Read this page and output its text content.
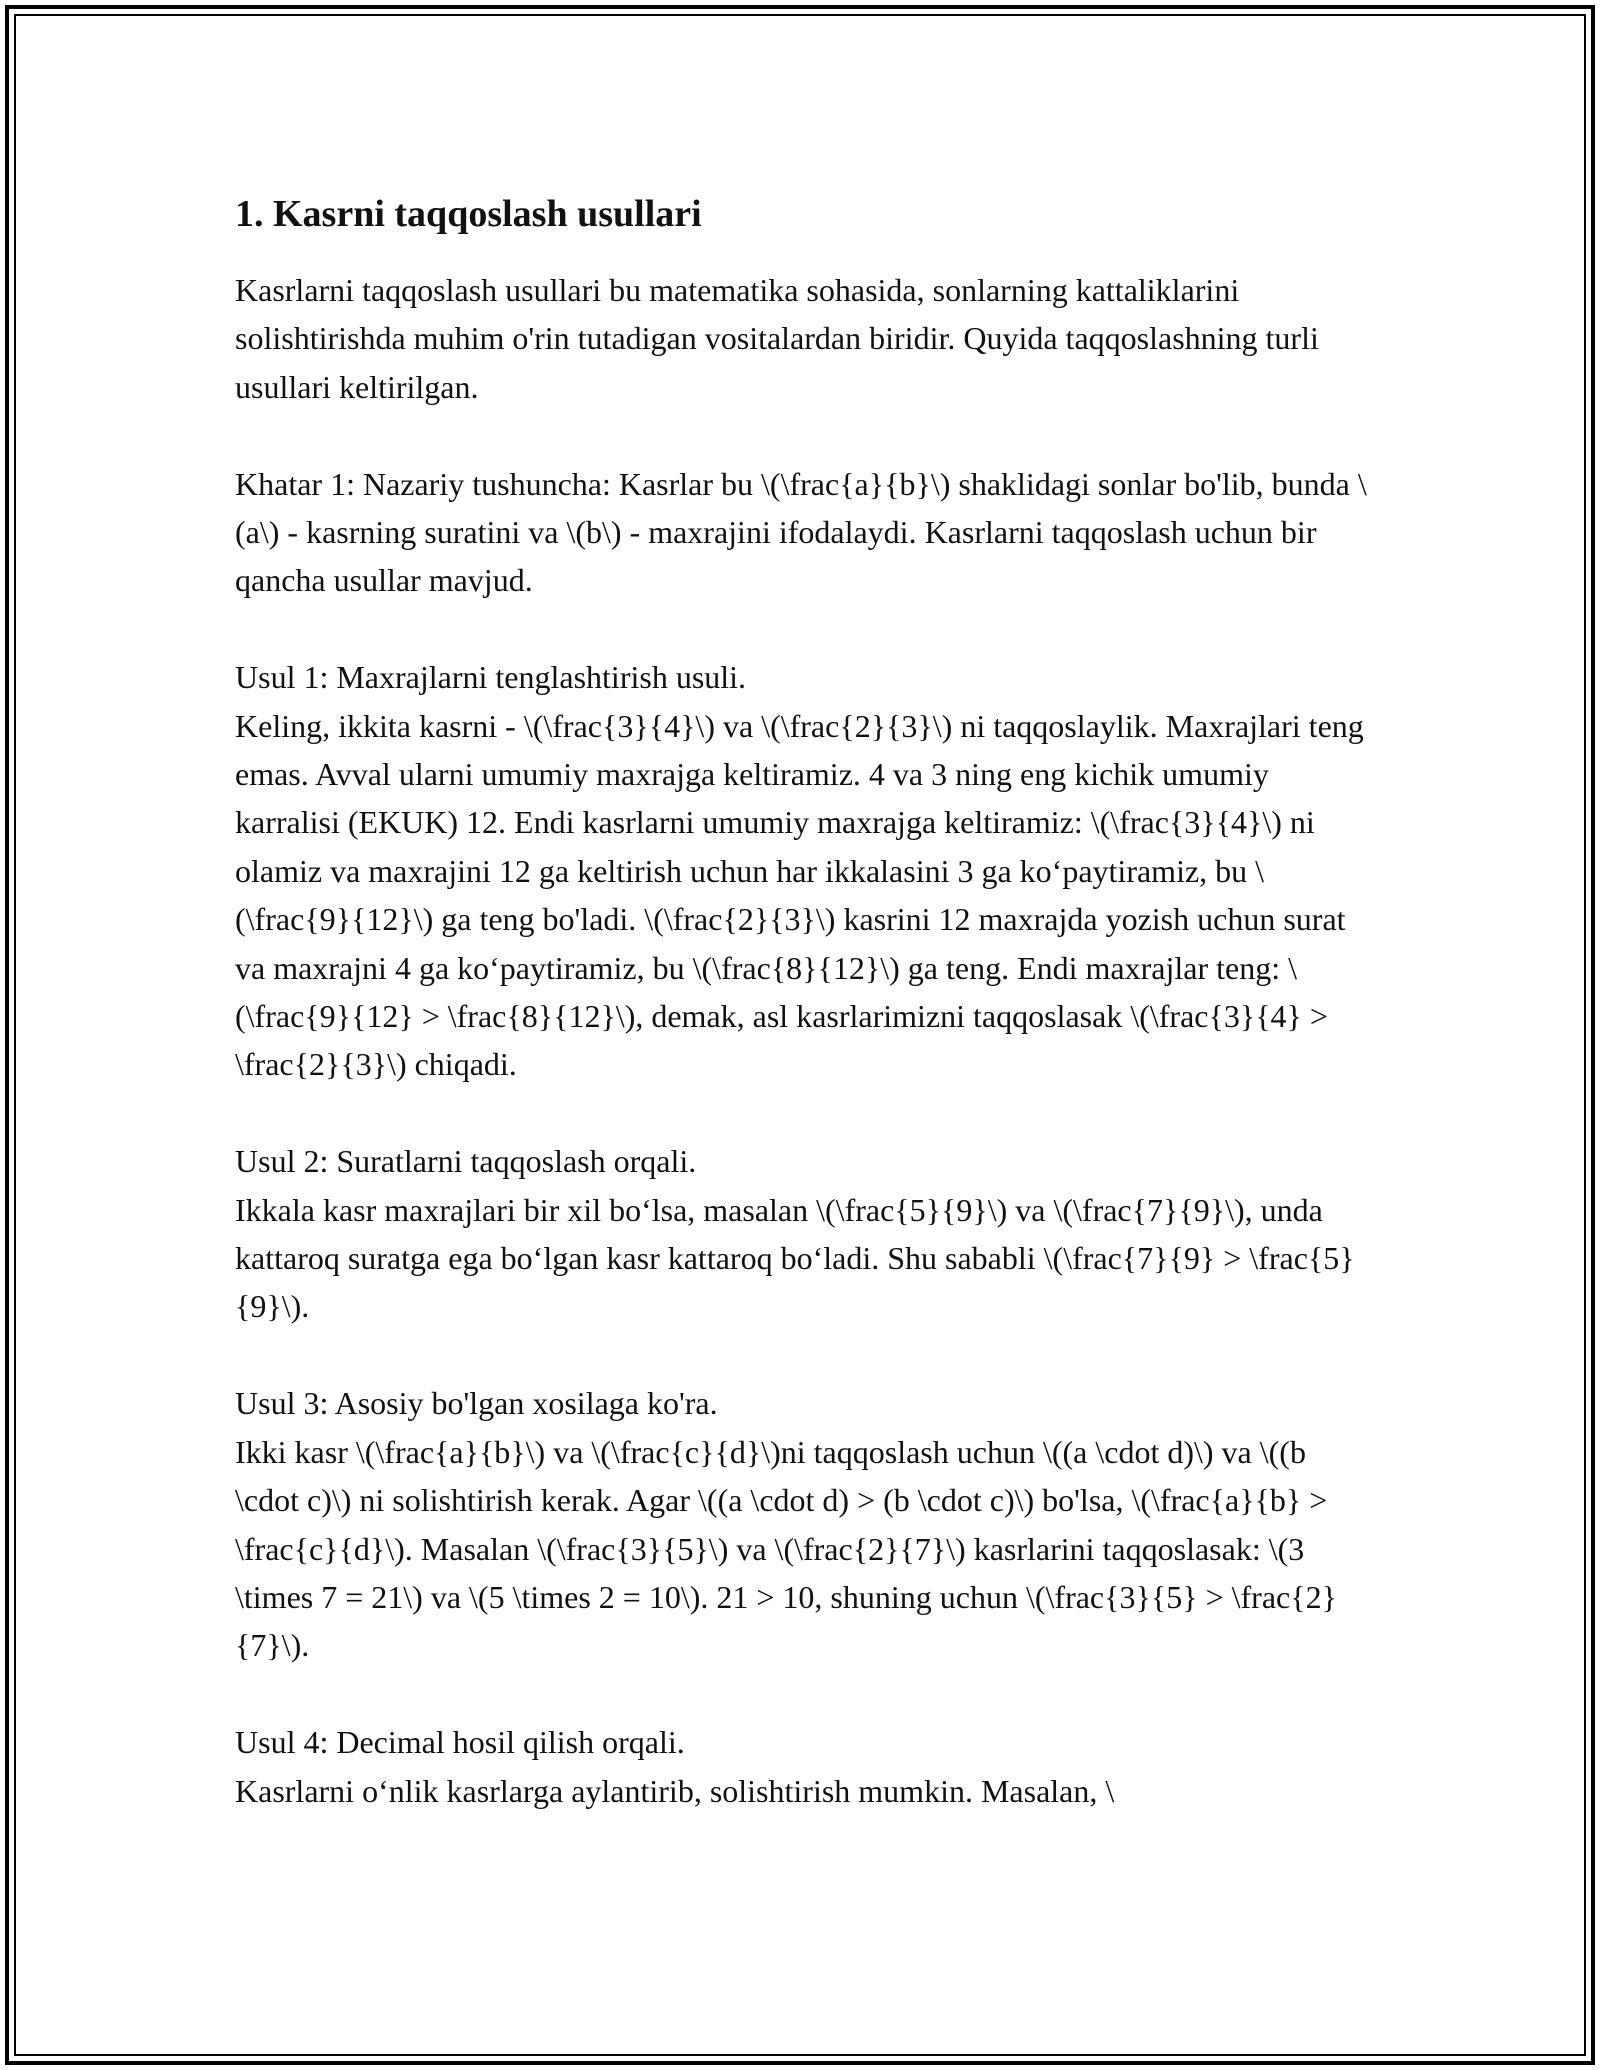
1. Kasrni taqqoslash usullari

Kasrlarni taqqoslash usullari bu matematika sohasida, sonlarning kattaliklarini solishtirishda muhim o'rin tutadigan vositalardan biridir. Quyida taqqoslashning turli usullari keltirilgan.

Khatar 1: Nazariy tushuncha: Kasrlar bu \(\frac{a}{b}\) shaklidagi sonlar bo'lib, bunda \(a\) - kasrning suratini va \(b\) - maxrajini ifodalaydi. Kasrlarni taqqoslash uchun bir qancha usullar mavjud.

Usul 1: Maxrajlarni tenglashtirish usuli.
Keling, ikkita kasrni - \(\frac{3}{4}\) va \(\frac{2}{3}\) ni taqqoslaylik. Maxrajlari teng emas. Avval ularni umumiy maxrajga keltiramiz. 4 va 3 ning eng kichik umumiy karralisi (EKUK) 12. Endi kasrlarni umumiy maxrajga keltiramiz: \(\frac{3}{4}\) ni olamiz va maxrajini 12 ga keltirish uchun har ikkalasini 3 ga ko‘paytiramiz, bu \(\frac{9}{12}\) ga teng bo'ladi. \(\frac{2}{3}\) kasrini 12 maxrajda yozish uchun surat va maxrajni 4 ga ko‘paytiramiz, bu \(\frac{8}{12}\) ga teng. Endi maxrajlar teng: \(\frac{9}{12} > \frac{8}{12}\), demak, asl kasrlarimizni taqqoslasak \(\frac{3}{4} > \frac{2}{3}\) chiqadi.

Usul 2: Suratlarni taqqoslash orqali.
Ikkala kasr maxrajlari bir xil bo‘lsa, masalan \(\frac{5}{9}\) va \(\frac{7}{9}\), unda kattaroq suratga ega bo‘lgan kasr kattaroq bo‘ladi. Shu sababli \(\frac{7}{9} > \frac{5}{9}\).

Usul 3: Asosiy bo'lgan xosilaga ko'ra.
Ikki kasr \(\frac{a}{b}\) va \(\frac{c}{d}\)ni taqqoslash uchun \((a \cdot d)\) va \((b \cdot c)\) ni solishtirish kerak. Agar \((a \cdot d) > (b \cdot c)\) bo'lsa, \(\frac{a}{b} > \frac{c}{d}\). Masalan \(\frac{3}{5}\) va \(\frac{2}{7}\) kasrlarini taqqoslasak: \(3 \times 7 = 21\) va \(5 \times 2 = 10\). 21 > 10, shuning uchun \(\frac{3}{5} > \frac{2}{7}\).

Usul 4: Decimal hosil qilish orqali.
Kasrlarni o‘nlik kasrlarga aylantirib, solishtirish mumkin. Masalan, \
